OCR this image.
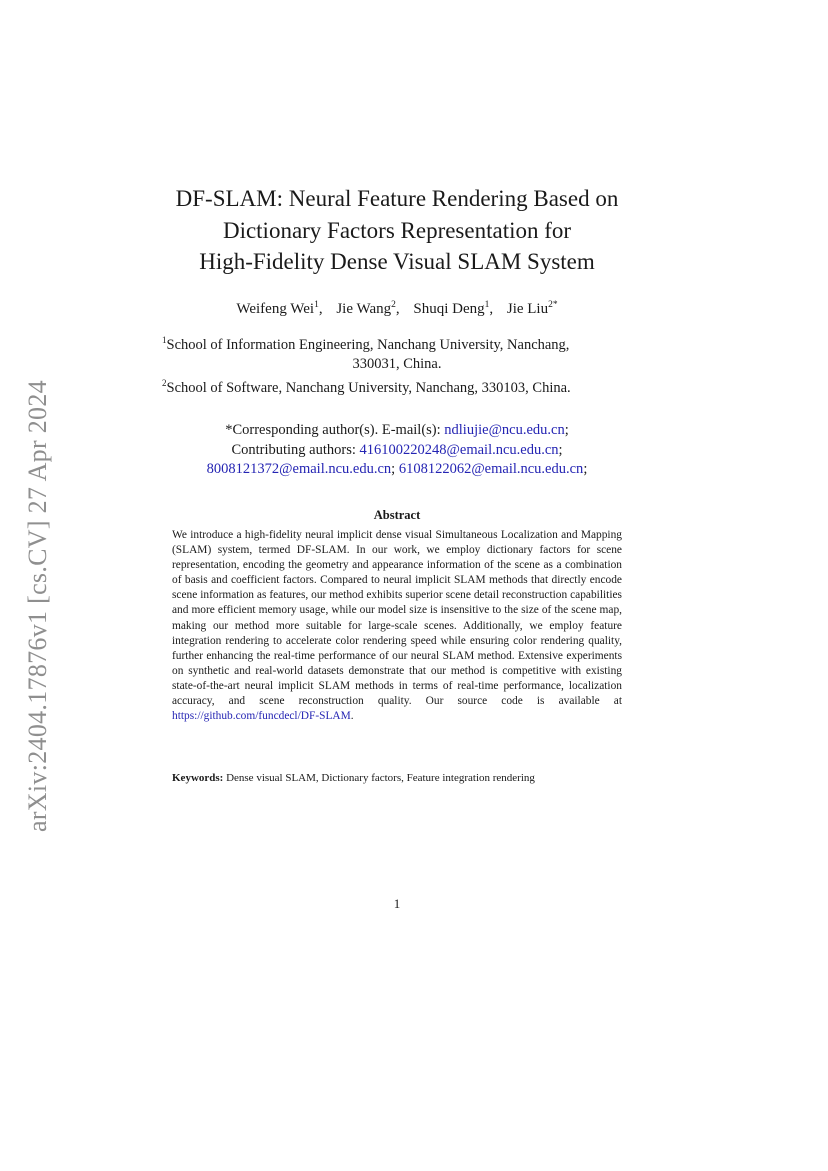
arXiv:2404.17876v1 [cs.CV] 27 Apr 2024
DF-SLAM: Neural Feature Rendering Based on
Dictionary Factors Representation for
High-Fidelity Dense Visual SLAM System
Weifeng Wei$^1$, Jie Wang$^2$, Shuqi Deng$^1$, Jie Liu$^{2*}$
$^1$School of Information Engineering, Nanchang University, Nanchang,
330031, China.
$^2$School of Software, Nanchang University, Nanchang, 330103, China.
*Corresponding author(s). E-mail(s): ndliujie@ncu.edu.cn;
Contributing authors: 416100220248@email.ncu.edu.cn;
8008121372@email.ncu.edu.cn; 6108122062@email.ncu.edu.cn;
Abstract
We introduce a high-fidelity neural implicit dense visual Simultaneous Localization and Mapping (SLAM) system, termed DF-SLAM. In our work, we employ dictionary factors for scene representation, encoding the geometry and appearance information of the scene as a combination of basis and coefficient factors. Compared to neural implicit SLAM methods that directly encode scene information as features, our method exhibits superior scene detail reconstruction capabilities and more efficient memory usage, while our model size is insensitive to the size of the scene map, making our method more suitable for large-scale scenes. Additionally, we employ feature integration rendering to accelerate color rendering speed while ensuring color rendering quality, further enhancing the real-time performance of our neural SLAM method. Extensive experiments on synthetic and real-world datasets demonstrate that our method is competitive with existing state-of-the-art neural implicit SLAM methods in terms of real-time performance, localization accuracy, and scene reconstruction quality. Our source code is available at https://github.com/funcdecl/DF-SLAM.
Keywords: Dense visual SLAM, Dictionary factors, Feature integration rendering
1
